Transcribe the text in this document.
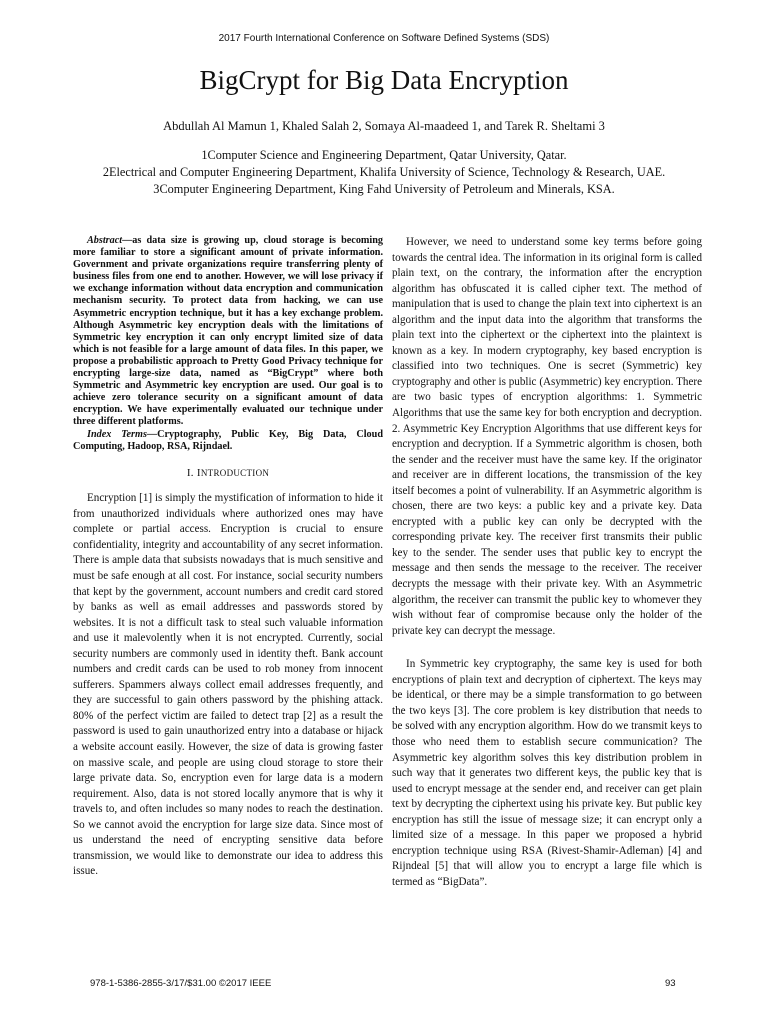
2017 Fourth International Conference on Software Defined Systems (SDS)
BigCrypt for Big Data Encryption
Abdullah Al Mamun 1, Khaled Salah 2, Somaya Al-maadeed 1, and Tarek R. Sheltami 3
1Computer Science and Engineering Department, Qatar University, Qatar.
2Electrical and Computer Engineering Department, Khalifa University of Science, Technology & Research, UAE.
3Computer Engineering Department, King Fahd University of Petroleum and Minerals, KSA.
Abstract—as data size is growing up, cloud storage is becoming more familiar to store a significant amount of private information. Government and private organizations require transferring plenty of business files from one end to another. However, we will lose privacy if we exchange information without data encryption and communication mechanism security. To protect data from hacking, we can use Asymmetric encryption technique, but it has a key exchange problem. Although Asymmetric key encryption deals with the limitations of Symmetric key encryption it can only encrypt limited size of data which is not feasible for a large amount of data files. In this paper, we propose a probabilistic approach to Pretty Good Privacy technique for encrypting large-size data, named as “BigCrypt” where both Symmetric and Asymmetric key encryption are used. Our goal is to achieve zero tolerance security on a significant amount of data encryption. We have experimentally evaluated our technique under three different platforms.
Index Terms—Cryptography, Public Key, Big Data, Cloud Computing, Hadoop, RSA, Rijndael.
I. INTRODUCTION

Encryption [1] is simply the mystification of information to hide it from unauthorized individuals where authorized ones may have complete or partial access. Encryption is crucial to ensure confidentiality, integrity and accountability of any secret information. There is ample data that subsists nowadays that is much sensitive and must be safe enough at all cost. For instance, social security numbers that kept by the government, account numbers and credit card stored by banks as well as email addresses and passwords stored by websites. It is not a difficult task to steal such valuable information and use it malevolently when it is not encrypted. Currently, social security numbers are commonly used in identity theft. Bank account numbers and credit cards can be used to rob money from innocent sufferers. Spammers always collect email addresses frequently, and they are successful to gain others password by the phishing attack. 80% of the perfect victim are failed to detect trap [2] as a result the password is used to gain unauthorized entry into a database or hijack a website account easily. However, the size of data is growing faster on massive scale, and people are using cloud storage to store their large private data. So, encryption even for large data is a modern requirement. Also, data is not stored locally anymore that is why it travels to, and often includes so many nodes to reach the destination. So we cannot avoid the encryption for large size data. Since most of us understand the need of encrypting sensitive data before transmission, we would like to demonstrate our idea to address this issue.

However, we need to understand some key terms before going towards the central idea. The information in its original form is called plain text, on the contrary, the information after the encryption algorithm has obfuscated it is called cipher text. The method of manipulation that is used to change the plain text into ciphertext is an algorithm and the input data into the algorithm that transforms the plain text into the ciphertext or the ciphertext into the plaintext is known as a key. In modern cryptography, key based encryption is classified into two techniques. One is secret (Symmetric) key cryptography and other is public (Asymmetric) key encryption. There are two basic types of encryption algorithms: 1. Symmetric Algorithms that use the same key for both encryption and decryption. 2. Asymmetric Key Encryption Algorithms that use different keys for encryption and decryption. If a Symmetric algorithm is chosen, both the sender and the receiver must have the same key. If the originator and receiver are in different locations, the transmission of the key itself becomes a point of vulnerability. If an Asymmetric algorithm is chosen, there are two keys: a public key and a private key. Data encrypted with a public key can only be decrypted with the corresponding private key. The receiver first transmits their public key to the sender. The sender uses that public key to encrypt the message and then sends the message to the receiver. The receiver decrypts the message with their private key. With an Asymmetric algorithm, the receiver can transmit the public key to whomever they wish without fear of compromise because only the holder of the private key can decrypt the message.

In Symmetric key cryptography, the same key is used for both encryptions of plain text and decryption of ciphertext. The keys may be identical, or there may be a simple transformation to go between the two keys [3]. The core problem is key distribution that needs to be solved with any encryption algorithm. How do we transmit keys to those who need them to establish secure communication? The Asymmetric key algorithm solves this key distribution problem in such way that it generates two different keys, the public key that is used to encrypt message at the sender end, and receiver can get plain text by decrypting the ciphertext using his private key. But public key encryption has still the issue of message size; it can encrypt only a limited size of a message. In this paper we proposed a hybrid encryption technique using RSA (Rivest-Shamir-Adleman) [4] and Rijndeal [5] that will allow you to encrypt a large file which is termed as “BigData”.

978-1-5386-2855-3/17/$31.00 ©2017 IEEE	93
